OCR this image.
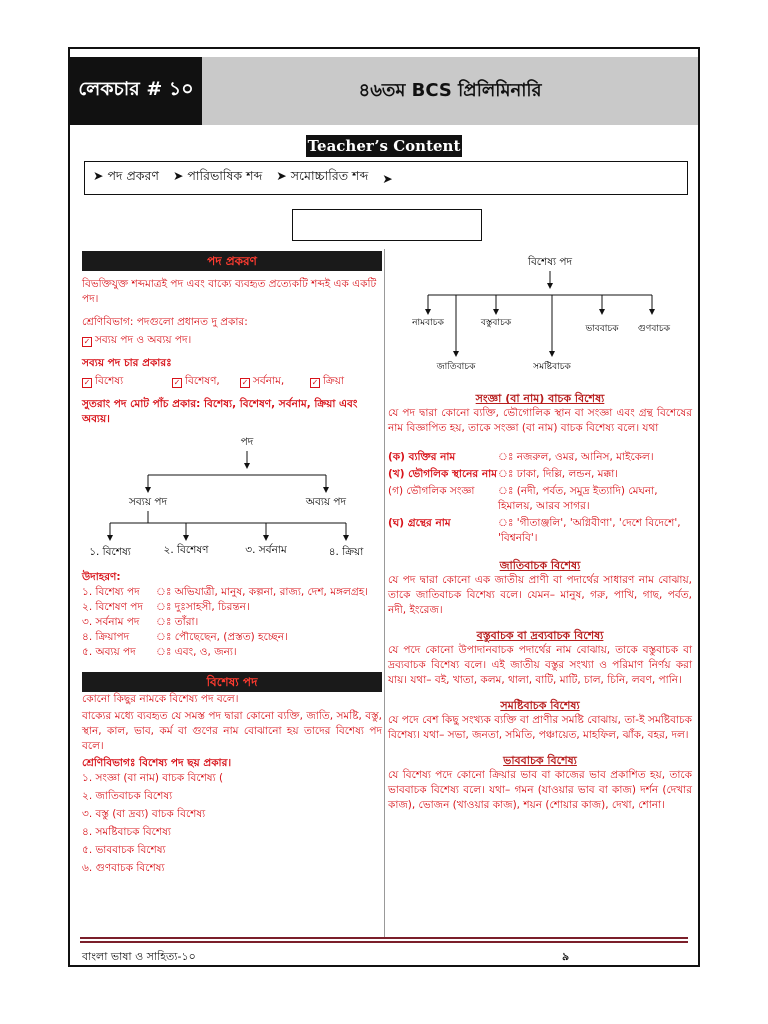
লেকচার # ১০	৪৬তম BCS প্রিলিমিনারি
Teacher’s Content
➤ পদ প্রকরণ ➤ পারিভাষিক শব্দ ➤ সমোচ্চারিত শব্দ ➤
পদ প্রকরণ
বিভক্তিযুক্ত শব্দমাত্রই পদ এবং বাক্যে ব্যবহৃত প্রত্যেকটি শব্দই এক একটি পদ।
শ্রেণিবিভাগ: পদগুলো প্রধানত দু প্রকার:
✓ সব্যয় পদ ও অব্যয় পদ।
সব্যয় পদ চার প্রকারঃ
✓ বিশেষ্য	✓ বিশেষণ,	✓ সর্বনাম,	✓ ক্রিয়া
সুতরাং পদ মোট পাঁচ প্রকার: বিশেষ্য, বিশেষণ, সর্বনাম, ক্রিয়া এবং অব্যয়।
পদ
সব্যয় পদ	অব্যয় পদ
১. বিশেষ্য	২. বিশেষণ	৩. সর্বনাম	৪. ক্রিয়া
উদাহরণ:
১. বিশেষ্য পদ	ঃ অভিযাত্রী, মানুষ, কল্পনা, রাজ্য, দেশ, মঙ্গলগ্রহ।
২. বিশেষণ পদ	ঃ দুঃসাহসী, চিরন্তন।
৩. সর্বনাম পদ	ঃ তাঁরা।
৪. ক্রিয়াপদ	ঃ পৌছেছেন, (প্রস্তত) হচ্ছেন।
৫. অব্যয় পদ	ঃ এবং, ও, জন্য।
বিশেষ্য পদ
কোনো কিছুর নামকে বিশেষ্য পদ বলে।
বাক্যের মধ্যে ব্যবহৃত যে সমস্ত পদ দ্বারা কোনো ব্যক্তি, জাতি, সমষ্টি, বস্তু, স্থান, কাল, ভাব, কর্ম বা গুণের নাম বোঝানো হয় তাদের বিশেষ্য পদ বলে।
শ্রেণিবিভাগঃ বিশেষ্য পদ ছয় প্রকার।
১. সংজ্ঞা (বা নাম) বাচক বিশেষ্য (
২. জাতিবাচক বিশেষ্য
৩. বস্তু (বা দ্রব্য) বাচক বিশেষ্য
৪. সমষ্টিবাচক বিশেষ্য
৫. ভাববাচক বিশেষ্য
৬. গুণবাচক বিশেষ্য
বিশেষ্য পদ
নামবাচক	বস্তুবাচক
ভাববাচক গুণবাচক
জাতিবাচক	সমষ্টিবাচক
সংজ্ঞা (বা নাম) বাচক বিশেষ্য
যে পদ দ্বারা কোনো ব্যক্তি, ভৌগোলিক স্থান বা সংজ্ঞা এবং গ্রন্থ বিশেষের নাম বিজ্ঞাপিত হয়, তাকে সংজ্ঞা (বা নাম) বাচক বিশেষ্য বলে। যথা
(ক) ব্যক্তির নাম	ঃ নজরুল, ওমর, আনিস, মাইকেল।
(খ) ভৌগলিক স্থানের নাম ঃ ঢাকা, দিল্লি, লন্ডন, মক্কা।
(গ) ভৌগলিক সংজ্ঞা	ঃ (নদী, পর্বত, সমুদ্র ইত্যাদি) মেঘনা, হিমালয়, আরব সাগর।
(ঘ) গ্রন্থের নাম	ঃ 'গীতাঞ্জলি', 'অগ্নিবীণা', 'দেশে বিদেশে', 'বিশ্বনবি'।
জাতিবাচক বিশেষ্য
যে পদ দ্বারা কোনো এক জাতীয় প্রাণী বা পদার্থের সাধারণ নাম বোঝায়, তাকে জাতিবাচক বিশেষ্য বলে। যেমন– মানুষ, গরু, পাখি, গাছ, পর্বত, নদী, ইংরেজ।
বস্তুবাচক বা দ্রব্যবাচক বিশেষ্য
যে পদে কোনো উপাদানবাচক পদার্থের নাম বোঝায়, তাকে বস্তুবাচক বা দ্রব্যবাচক বিশেষ্য বলে। এই জাতীয় বস্তুর সংখ্যা ও পরিমাণ নির্ণয় করা যায়। যথা– বই, খাতা, কলম, থালা, বাটি, মাটি, চাল, চিনি, লবণ, পানি।
সমষ্টিবাচক বিশেষ্য
যে পদে বেশ কিছু সংখ্যক ব্যক্তি বা প্রাণীর সমষ্টি বোঝায়, তা-ই সমষ্টিবাচক বিশেষ্য। যথা– সভা, জনতা, সমিতি, পঞ্চায়েত, মাহফিল, ঝাঁক, বহর, দল।
ভাববাচক বিশেষ্য
যে বিশেষ্য পদে কোনো ক্রিয়ার ভাব বা কাজের ভাব প্রকাশিত হয়, তাকে ভাববাচক বিশেষ্য বলে। যথা– গমন (যাওয়ার ভাব বা কাজ) দর্শন (দেখার কাজ), ভোজন (খাওয়ার কাজ), শয়ন (শোয়ার কাজ), দেখা, শোনা।
বাংলা ভাষা ও সাহিত্য-১০	৯
